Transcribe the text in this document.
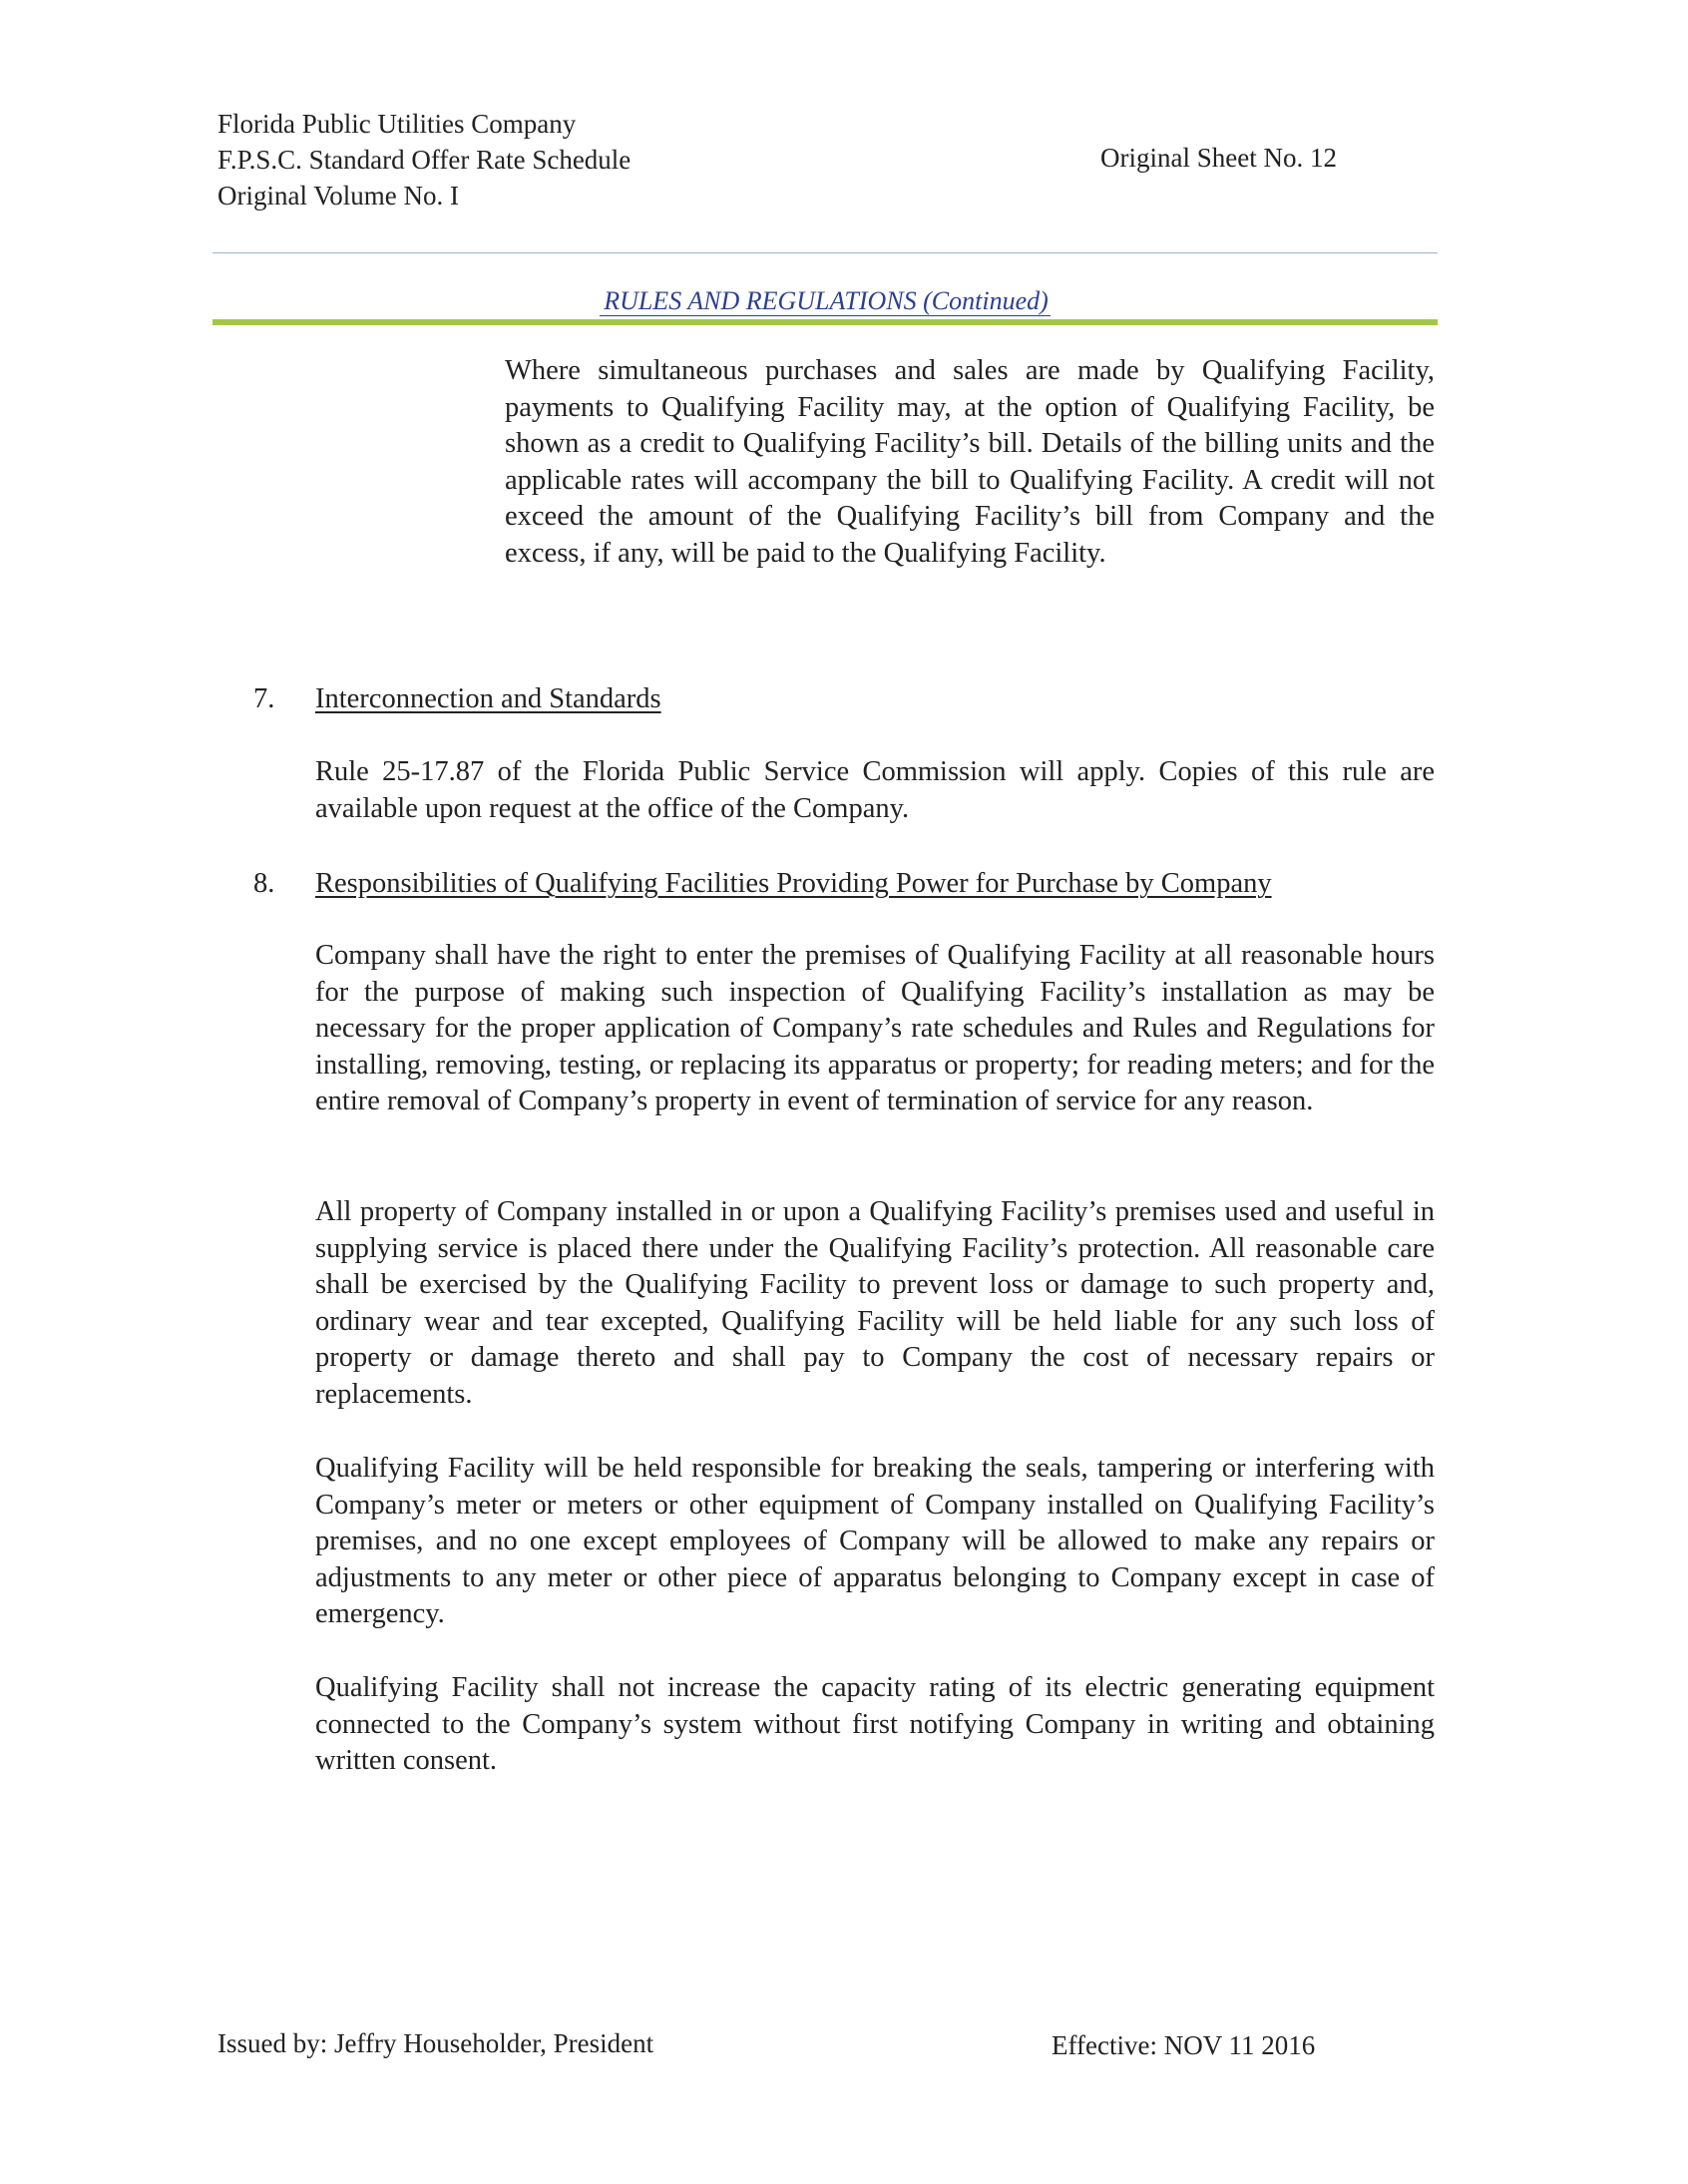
Florida Public Utilities Company
F.P.S.C. Standard Offer Rate Schedule
Original Volume No. I
Original Sheet No. 12
RULES AND REGULATIONS (Continued)

Where simultaneous purchases and sales are made by Qualifying Facility, payments to Qualifying Facility may, at the option of Qualifying Facility, be shown as a credit to Qualifying Facility’s bill. Details of the billing units and the applicable rates will accompany the bill to Qualifying Facility. A credit will not exceed the amount of the Qualifying Facility’s bill from Company and the excess, if any, will be paid to the Qualifying Facility.

7. Interconnection and Standards

Rule 25-17.87 of the Florida Public Service Commission will apply. Copies of this rule are available upon request at the office of the Company.

8. Responsibilities of Qualifying Facilities Providing Power for Purchase by Company

Company shall have the right to enter the premises of Qualifying Facility at all reasonable hours for the purpose of making such inspection of Qualifying Facility’s installation as may be necessary for the proper application of Company’s rate schedules and Rules and Regulations for installing, removing, testing, or replacing its apparatus or property; for reading meters; and for the entire removal of Company’s property in event of termination of service for any reason.

All property of Company installed in or upon a Qualifying Facility’s premises used and useful in supplying service is placed there under the Qualifying Facility’s protection. All reasonable care shall be exercised by the Qualifying Facility to prevent loss or damage to such property and, ordinary wear and tear excepted, Qualifying Facility will be held liable for any such loss of property or damage thereto and shall pay to Company the cost of necessary repairs or replacements.

Qualifying Facility will be held responsible for breaking the seals, tampering or interfering with Company’s meter or meters or other equipment of Company installed on Qualifying Facility’s premises, and no one except employees of Company will be allowed to make any repairs or adjustments to any meter or other piece of apparatus belonging to Company except in case of emergency.

Qualifying Facility shall not increase the capacity rating of its electric generating equipment connected to the Company’s system without first notifying Company in writing and obtaining written consent.

Issued by: Jeffry Householder, President	Effective: NOV 11 2016
